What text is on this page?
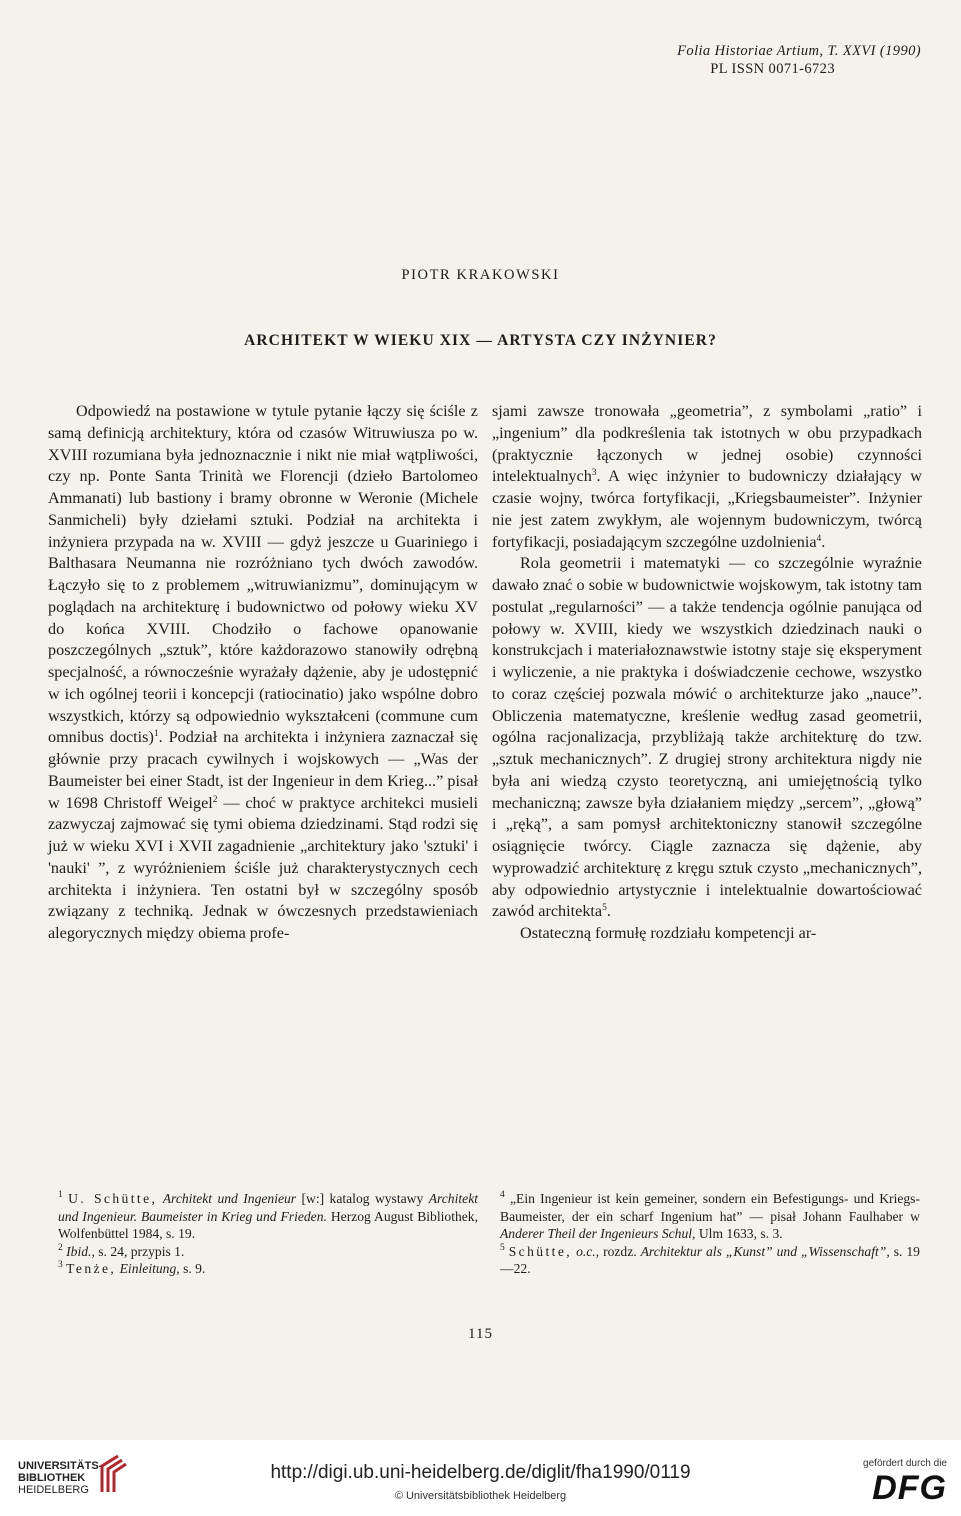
Folia Historiae Artium, T. XXVI (1990)
PL ISSN 0071-6723
PIOTR KRAKOWSKI
ARCHITEKT W WIEKU XIX — ARTYSTA CZY INŻYNIER?

Odpowiedź na postawione w tytule pytanie łączy się ściśle z samą definicją architektury, która od czasów Witruwiusza po w. XVIII rozumiana była jednoznacznie i nikt nie miał wątpliwości, czy np. Ponte Santa Trinità we Florencji (dzieło Bartolomeo Ammanati) lub bastiony i bramy obronne w Weronie (Michele Sanmicheli) były dziełami sztuki. Podział na architekta i inżyniera przypada na w. XVIII — gdyż jeszcze u Guariniego i Balthasara Neumanna nie rozróżniano tych dwóch zawodów. Łączyło się to z problemem „witruwianizmu”, dominującym w poglądach na architekturę i budownictwo od połowy wieku XV do końca XVIII. Chodziło o fachowe opanowanie poszczególnych „sztuk”, które każdorazowo stanowiły odrębną specjalność, a równocześnie wyrażały dążenie, aby je udostępnić w ich ogólnej teorii i koncepcji (ratiocinatio) jako wspólne dobro wszystkich, którzy są odpowiednio wykształceni (commune cum omnibus doctis)$^1$. Podział na architekta i inżyniera zaznaczał się głównie przy pracach cywilnych i wojskowych — „Was der Baumeister bei einer Stadt, ist der Ingenieur in dem Krieg...” pisał w 1698 Christoff Weigel$^2$ — choć w praktyce architekci musieli zazwyczaj zajmować się tymi obiema dziedzinami. Stąd rodzi się już w wieku XVI i XVII zagadnienie „architektury jako 'sztuki' i 'nauki' ”, z wyróżnieniem ściśle już charakterystycznych cech architekta i inżyniera. Ten ostatni był w szczególny sposób związany z techniką. Jednak w ówczesnych przedstawieniach alegorycznych między obiema profe-

sjami zawsze tronowała „geometria”, z symbolami „ratio” i „ingenium” dla podkreślenia tak istotnych w obu przypadkach (praktycznie łączonych w jednej osobie) czynności intelektualnych$^3$. A więc inżynier to budowniczy działający w czasie wojny, twórca fortyfikacji, „Kriegsbaumeister”. Inżynier nie jest zatem zwykłym, ale wojennym budowniczym, twórcą fortyfikacji, posiadającym szczególne uzdolnienia$^4$.

Rola geometrii i matematyki — co szczególnie wyraźnie dawało znać o sobie w budownictwie wojskowym, tak istotny tam postulat „regularności” — a także tendencja ogólnie panująca od połowy w. XVIII, kiedy we wszystkich dziedzinach nauki o konstrukcjach i materiałoznawstwie istotny staje się eksperyment i wyliczenie, a nie praktyka i doświadczenie cechowe, wszystko to coraz częściej pozwala mówić o architekturze jako „nauce”. Obliczenia matematyczne, kreślenie według zasad geometrii, ogólna racjonalizacja, przybliżają także architekturę do tzw. „sztuk mechanicznych”. Z drugiej strony architektura nigdy nie była ani wiedzą czysto teoretyczną, ani umiejętnością tylko mechaniczną; zawsze była działaniem między „sercem”, „głową” i „ręką”, a sam pomysł architektoniczny stanowił szczególne osiągnięcie twórcy. Ciągle zaznacza się dążenie, aby wyprowadzić architekturę z kręgu sztuk czysto „mechanicznych”, aby odpowiednio artystycznie i intelektualnie dowartościować zawód architekta$^5$.

Ostateczną formułę rozdziału kompetencji ar-

$^1$ U. Schütte, Architekt und Ingenieur [w:] katalog wystawy Architekt und Ingenieur. Baumeister in Krieg und Frieden. Herzog August Bibliothek, Wolfenbüttel 1984, s. 19.

$^2$ Ibid., s. 24, przypis 1.

$^3$ Tenże, Einleitung, s. 9.

$^4$ „Ein Ingenieur ist kein gemeiner, sondern ein Befestigungs- und Kriegs-Baumeister, der ein scharf Ingenium hat” — pisał Johann Faulhaber w Anderer Theil der Ingenieurs Schul, Ulm 1633, s. 3.

$^5$ Schütte, o.c., rozdz. Architektur als „Kunst” und „Wissenschaft”, s. 19—22.

115
UNIVERSITÄTS-
BIBLIOTHEK
HEIDELBERG
http://digi.ub.uni-heidelberg.de/diglit/fha1990/0119
© Universitätsbibliothek Heidelberg
gefördert durch die
DFG
